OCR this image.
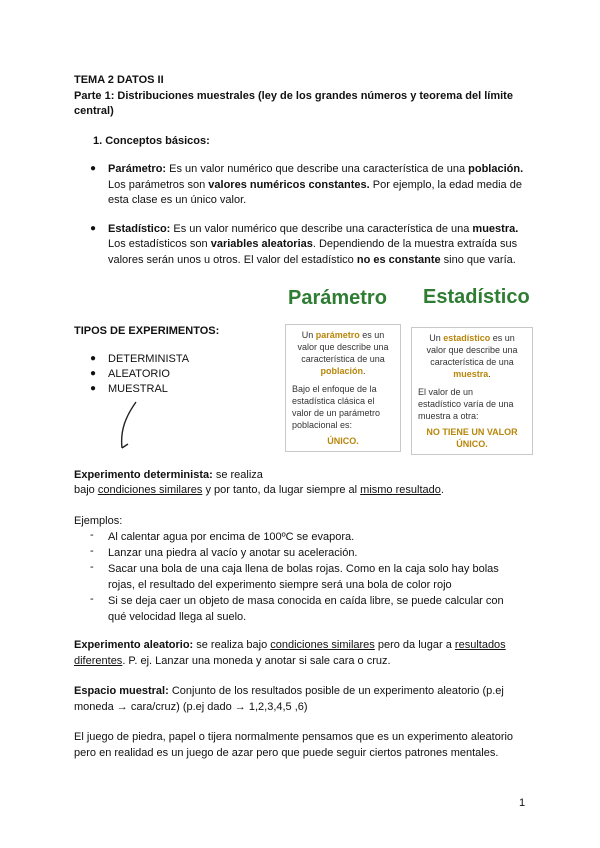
TEMA 2 DATOS II
Parte 1: Distribuciones muestrales (ley de los grandes números y teorema del límite
central)
1. Conceptos básicos:
● Parámetro: Es un valor numérico que describe una característica de una población.
Los parámetros son valores numéricos constantes. Por ejemplo, la edad media de
esta clase es un único valor.
● Estadístico: Es un valor numérico que describe una característica de una muestra.
Los estadísticos son variables aleatorias. Dependiendo de la muestra extraída sus
valores serán unos u otros. El valor del estadístico no es constante sino que varía.
Parámetro Estadístico
Un parámetro es un
valor que describe una
característica de una
población.
Bajo el enfoque de la
estadística clásica el
valor de un parámetro
poblacional es:
ÚNICO.
Un estadístico es un
valor que describe una
característica de una
muestra.
El valor de un
estadístico varía de una
muestra a otra:
NO TIENE UN VALOR
ÚNICO.
TIPOS DE EXPERIMENTOS:
● DETERMINISTA
● ALEATORIO
● MUESTRAL
Experimento determinista: se realiza
bajo condiciones similares y por tanto, da lugar siempre al mismo resultado.
Ejemplos:
- Al calentar agua por encima de 100ºC se evapora.
- Lanzar una piedra al vacío y anotar su aceleración.
- Sacar una bola de una caja llena de bolas rojas. Como en la caja solo hay bolas
rojas, el resultado del experimento siempre será una bola de color rojo
- Si se deja caer un objeto de masa conocida en caída libre, se puede calcular con
qué velocidad llega al suelo.
Experimento aleatorio: se realiza bajo condiciones similares pero da lugar a resultados
diferentes. P. ej. Lanzar una moneda y anotar si sale cara o cruz.
Espacio muestral: Conjunto de los resultados posible de un experimento aleatorio (p.ej
moneda → cara/cruz) (p.ej dado → 1,2,3,4,5 ,6)
El juego de piedra, papel o tijera normalmente pensamos que es un experimento aleatorio
pero en realidad es un juego de azar pero que puede seguir ciertos patrones mentales.
1
